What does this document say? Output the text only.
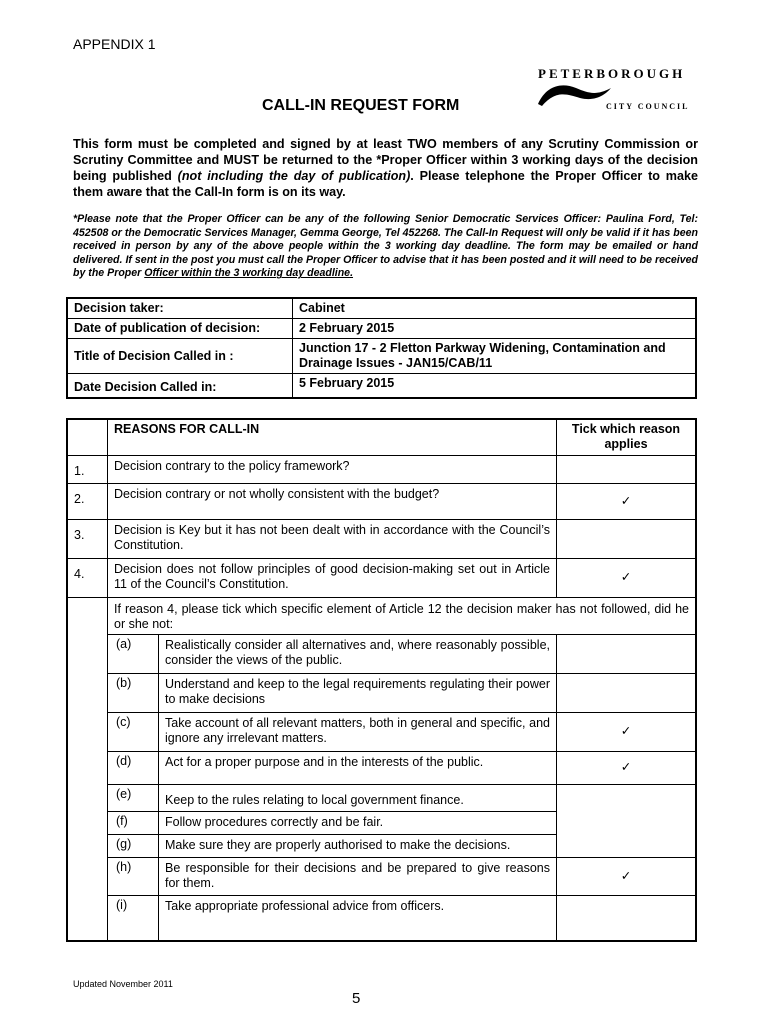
APPENDIX 1
PETERBOROUGH
CITY COUNCIL
CALL-IN REQUEST FORM
This form must be completed and signed by at least TWO members of any Scrutiny Commission or Scrutiny Committee and MUST be returned to the *Proper Officer within 3 working days of the decision being published (not including the day of publication). Please telephone the Proper Officer to make them aware that the Call-In form is on its way.
*Please note that the Proper Officer can be any of the following Senior Democratic Services Officer: Paulina Ford, Tel: 452508 or the Democratic Services Manager, Gemma George, Tel 452268. The Call-In Request will only be valid if it has been received in person by any of the above people within the 3 working day deadline. The form may be emailed or hand delivered. If sent in the post you must call the Proper Officer to advise that it has been posted and it will need to be received by the Proper Officer within the 3 working day deadline.
Decision taker:	Cabinet
Date of publication of decision:	2 February 2015
Title of Decision Called in :	Junction 17 - 2 Fletton Parkway Widening, Contamination and Drainage Issues - JAN15/CAB/11
Date Decision Called in:	5 February 2015
	REASONS FOR CALL-IN		Tick which reason applies
1.	Decision contrary to the policy framework?		
2.	Decision contrary or not wholly consistent with the budget?		✓
3.	Decision is Key but it has not been dealt with in accordance with the Council’s Constitution.		
4.	Decision does not follow principles of good decision-making set out in Article 11 of the Council’s Constitution.		✓
	If reason 4, please tick which specific element of Article 12 the decision maker has not followed, did he or she not:		
	(a)	Realistically consider all alternatives and, where reasonably possible, consider the views of the public.	
	(b)	Understand and keep to the legal requirements regulating their power to make decisions	
	(c)	Take account of all relevant matters, both in general and specific, and ignore any irrelevant matters.	✓
	(d)	Act for a proper purpose and in the interests of the public.	✓
	(e)	Keep to the rules relating to local government finance.	
	(f)	Follow procedures correctly and be fair.	
	(g)	Make sure they are properly authorised to make the decisions.	
	(h)	Be responsible for their decisions and be prepared to give reasons for them.	✓
	(i)	Take appropriate professional advice from officers.	
Updated November 2011
5
